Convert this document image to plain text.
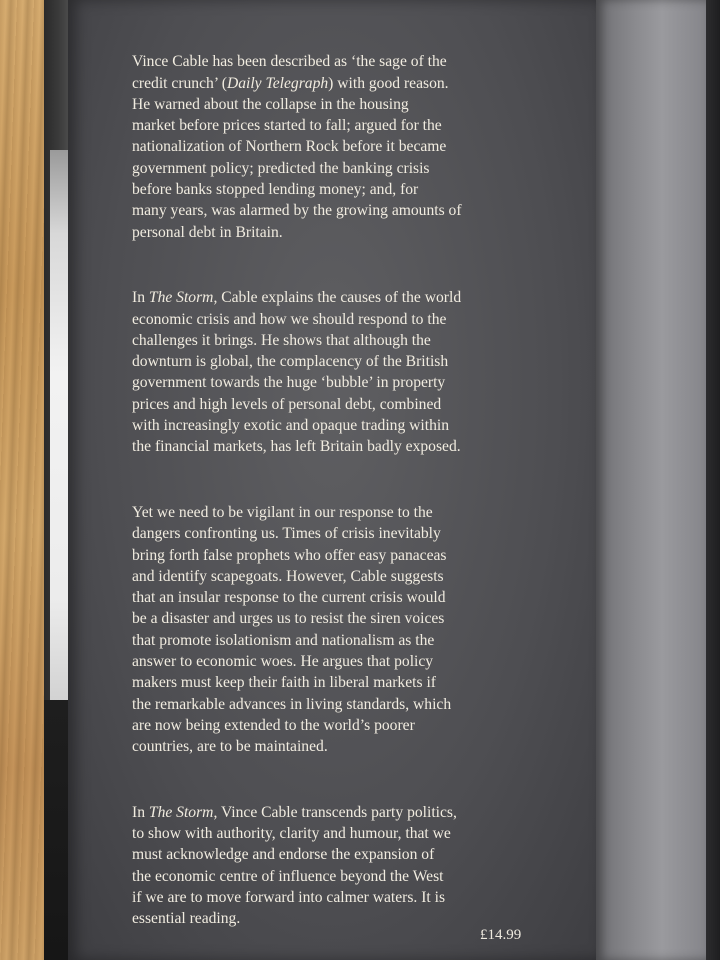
Vince Cable has been described as ‘the sage of the
credit crunch’ (Daily Telegraph) with good reason.
He warned about the collapse in the housing
market before prices started to fall; argued for the
nationalization of Northern Rock before it became
government policy; predicted the banking crisis
before banks stopped lending money; and, for
many years, was alarmed by the growing amounts of
personal debt in Britain.

In The Storm, Cable explains the causes of the world
economic crisis and how we should respond to the
challenges it brings. He shows that although the
downturn is global, the complacency of the British
government towards the huge ‘bubble’ in property
prices and high levels of personal debt, combined
with increasingly exotic and opaque trading within
the financial markets, has left Britain badly exposed.

Yet we need to be vigilant in our response to the
dangers confronting us. Times of crisis inevitably
bring forth false prophets who offer easy panaceas
and identify scapegoats. However, Cable suggests
that an insular response to the current crisis would
be a disaster and urges us to resist the siren voices
that promote isolationism and nationalism as the
answer to economic woes. He argues that policy
makers must keep their faith in liberal markets if
the remarkable advances in living standards, which
are now being extended to the world’s poorer
countries, are to be maintained.

In The Storm, Vince Cable transcends party politics,
to show with authority, clarity and humour, that we
must acknowledge and endorse the expansion of
the economic centre of influence beyond the West
if we are to move forward into calmer waters. It is
essential reading.

£14.99
